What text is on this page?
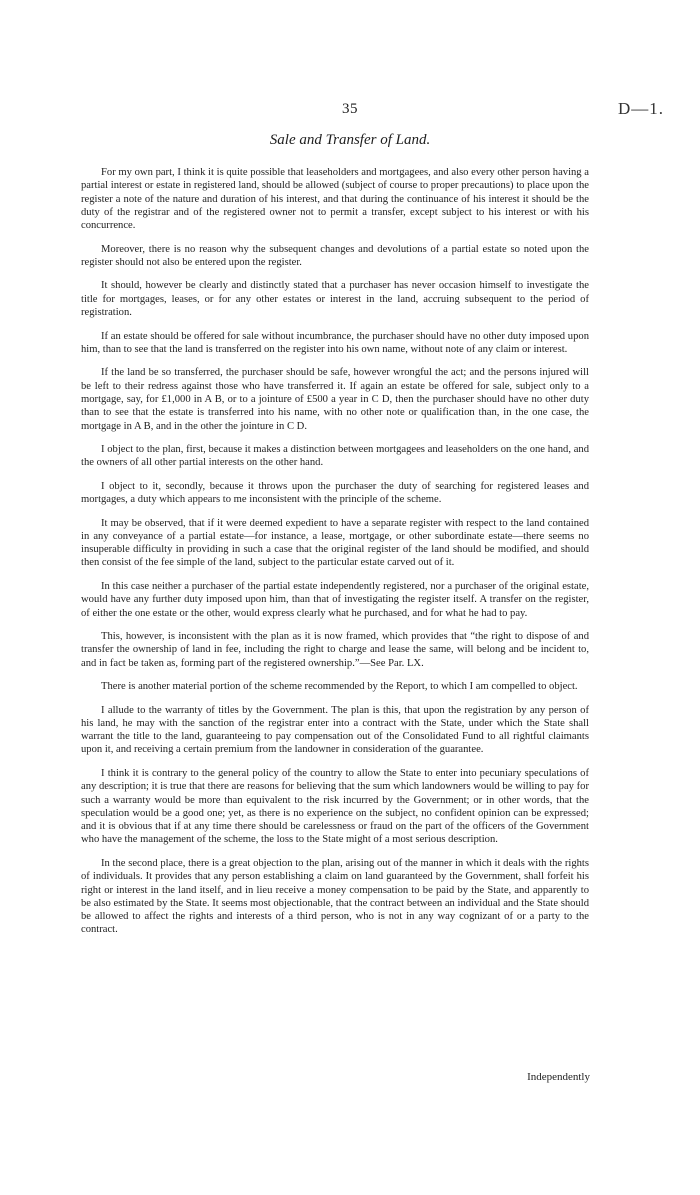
35	D—1.
Sale and Transfer of Land.

For my own part, I think it is quite possible that leaseholders and mortgagees, and also every other person having a partial interest or estate in registered land, should be allowed (subject of course to proper precautions) to place upon the register a note of the nature and duration of his interest, and that during the continuance of his interest it should be the duty of the registrar and of the registered owner not to permit a transfer, except subject to his interest or with his concurrence.

Moreover, there is no reason why the subsequent changes and devolutions of a partial estate so noted upon the register should not also be entered upon the register.

It should, however be clearly and distinctly stated that a purchaser has never occasion himself to investigate the title for mortgages, leases, or for any other estates or interest in the land, accruing subsequent to the period of registration.

If an estate should be offered for sale without incumbrance, the purchaser should have no other duty imposed upon him, than to see that the land is transferred on the register into his own name, without note of any claim or interest.

If the land be so transferred, the purchaser should be safe, however wrongful the act; and the persons injured will be left to their redress against those who have transferred it. If again an estate be offered for sale, subject only to a mortgage, say, for £1,000 in A B, or to a jointure of £500 a year in C D, then the purchaser should have no other duty than to see that the estate is transferred into his name, with no other note or qualification than, in the one case, the mortgage in A B, and in the other the jointure in C D.

I object to the plan, first, because it makes a distinction between mortgagees and leaseholders on the one hand, and the owners of all other partial interests on the other hand.

I object to it, secondly, because it throws upon the purchaser the duty of searching for registered leases and mortgages, a duty which appears to me inconsistent with the principle of the scheme.

It may be observed, that if it were deemed expedient to have a separate register with respect to the land contained in any conveyance of a partial estate—for instance, a lease, mortgage, or other subordinate estate—there seems no insuperable difficulty in providing in such a case that the original register of the land should be modified, and should then consist of the fee simple of the land, subject to the particular estate carved out of it.

In this case neither a purchaser of the partial estate independently registered, nor a purchaser of the original estate, would have any further duty imposed upon him, than that of investigating the register itself. A transfer on the register, of either the one estate or the other, would express clearly what he purchased, and for what he had to pay.

This, however, is inconsistent with the plan as it is now framed, which provides that “the right to dispose of and transfer the ownership of land in fee, including the right to charge and lease the same, will belong and be incident to, and in fact be taken as, forming part of the registered ownership.”—See Par. LX.

There is another material portion of the scheme recommended by the Report, to which I am compelled to object.

I allude to the warranty of titles by the Government. The plan is this, that upon the registration by any person of his land, he may with the sanction of the registrar enter into a contract with the State, under which the State shall warrant the title to the land, guaranteeing to pay compensation out of the Consolidated Fund to all rightful claimants upon it, and receiving a certain premium from the landowner in consideration of the guarantee.

I think it is contrary to the general policy of the country to allow the State to enter into pecuniary speculations of any description; it is true that there are reasons for believing that the sum which landowners would be willing to pay for such a warranty would be more than equivalent to the risk incurred by the Government; or in other words, that the speculation would be a good one; yet, as there is no experience on the subject, no confident opinion can be expressed; and it is obvious that if at any time there should be carelessness or fraud on the part of the officers of the Government who have the management of the scheme, the loss to the State might of a most serious description.

In the second place, there is a great objection to the plan, arising out of the manner in which it deals with the rights of individuals. It provides that any person establishing a claim on land guaranteed by the Government, shall forfeit his right or interest in the land itself, and in lieu receive a money compensation to be paid by the State, and apparently to be also estimated by the State. It seems most objectionable, that the contract between an individual and the State should be allowed to affect the rights and interests of a third person, who is not in any way cognizant of or a party to the contract.

Independently
